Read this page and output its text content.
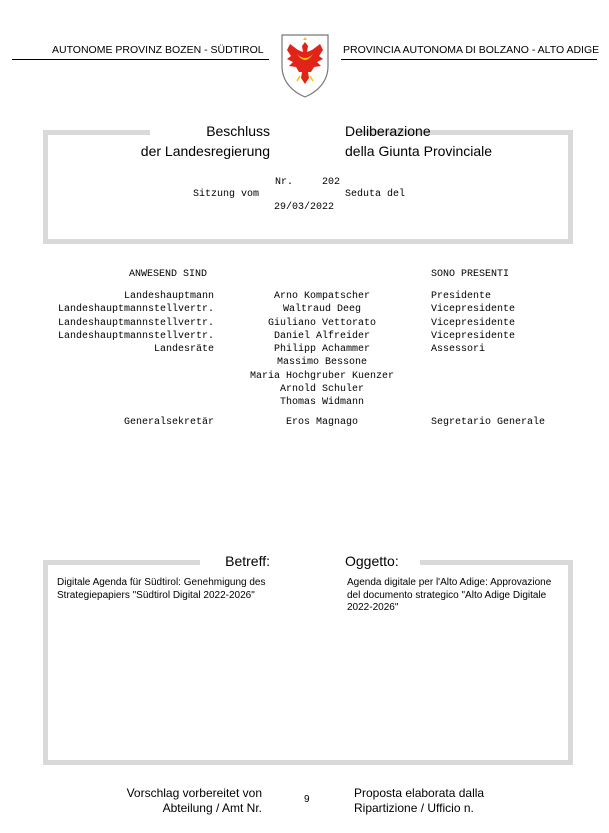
AUTONOME PROVINZ BOZEN - SÜDTIROL	PROVINCIA AUTONOMA DI BOLZANO - ALTO ADIGE
Beschluss
der Landesregierung
Deliberazione
della Giunta Provinciale
Nr.	202
Sitzung vom	Seduta del
29/03/2022
ANWESEND SIND	SONO PRESENTI
Landeshauptmann	Arno Kompatscher	Presidente
Landeshauptmannstellvertr.	Waltraud Deeg	Vicepresidente
Landeshauptmannstellvertr.	Giuliano Vettorato	Vicepresidente
Landeshauptmannstellvertr.	Daniel Alfreider	Vicepresidente
Landesräte	Philipp Achammer	Assessori
Massimo Bessone
Maria Hochgruber Kuenzer
Arnold Schuler
Thomas Widmann
Generalsekretär	Eros Magnago	Segretario Generale
Betreff:	Oggetto:
Digitale Agenda für Südtirol: Genehmigung des Strategiepapiers "Südtirol Digital 2022-2026"
Agenda digitale per l'Alto Adige: Approvazione del documento strategico "Alto Adige Digitale 2022-2026"
Vorschlag vorbereitet von
Abteilung / Amt Nr.
9	Proposta elaborata dalla
Ripartizione / Ufficio n.
